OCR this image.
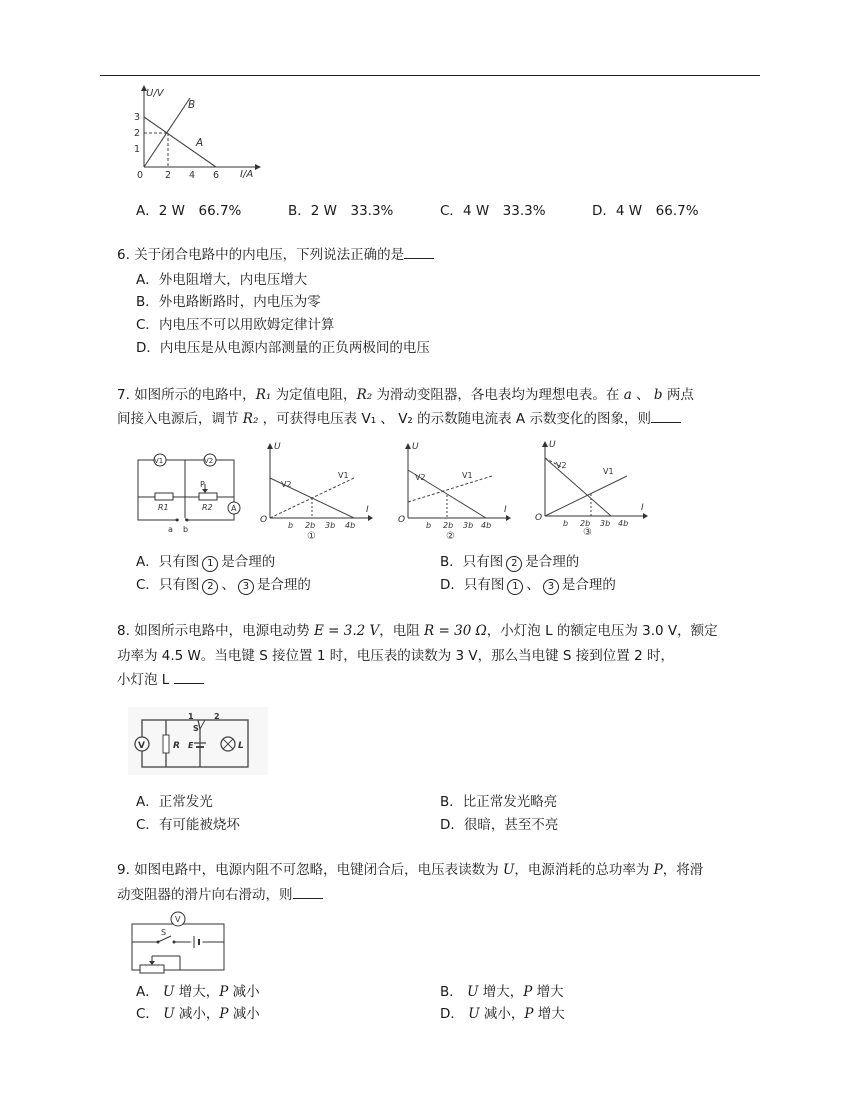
U/V
I/A
3
2
1
0 2 4 6
B
A
A．2 W　66.7%	B．2 W　33.3%	C．4 W　33.3%	D．4 W　66.7%
6. 关于闭合电路中的内电压，下列说法正确的是
A．外电阻增大，内电压增大
B．外电路断路时，内电压为零
C．内电压不可以用欧姆定律计算
D．内电压是从电源内部测量的正负两极间的电压
7. 如图所示的电路中，R₁ 为定值电阻，R₂ 为滑动变阻器，各电表均为理想电表。在 a 、 b 两点
间接入电源后，调节 R₂ ，可获得电压表 V₁ 、 V₂ 的示数随电流表 A 示数变化的图象，则
V1	V2
P
R1	R2 A
a b
U
I
O
V1
V2
b 2b 3b 4b
①
U
I
O
V1
V2
b 2b 3b 4b
②
U
I
O
V1
V2
b 2b 3b 4b
③
A．只有图 1 是合理的	B．只有图 2 是合理的
C．只有图 2 、 3 是合理的	D．只有图 1 、 3 是合理的
8. 如图所示电路中，电源电动势 E = 3.2 V，电阻 R = 30 Ω，小灯泡 L 的额定电压为 3.0 V，额定
功率为 4.5 W。当电键 S 接位置 1 时，电压表的读数为 3 V，那么当电键 S 接到位置 2 时，
小灯泡 L
V	R
1	2
S
E	L
A．正常发光	B．比正常发光略亮
C．有可能被烧坏	D．很暗，甚至不亮
9. 如图电路中，电源内阻不可忽略，电键闭合后，电压表读数为 U，电源消耗的总功率为 P，将滑
动变阻器的滑片向右滑动，则
V
S
A． U 增大，P 减小	B． U 增大，P 增大
C． U 减小，P 减小	D． U 减小，P 增大
